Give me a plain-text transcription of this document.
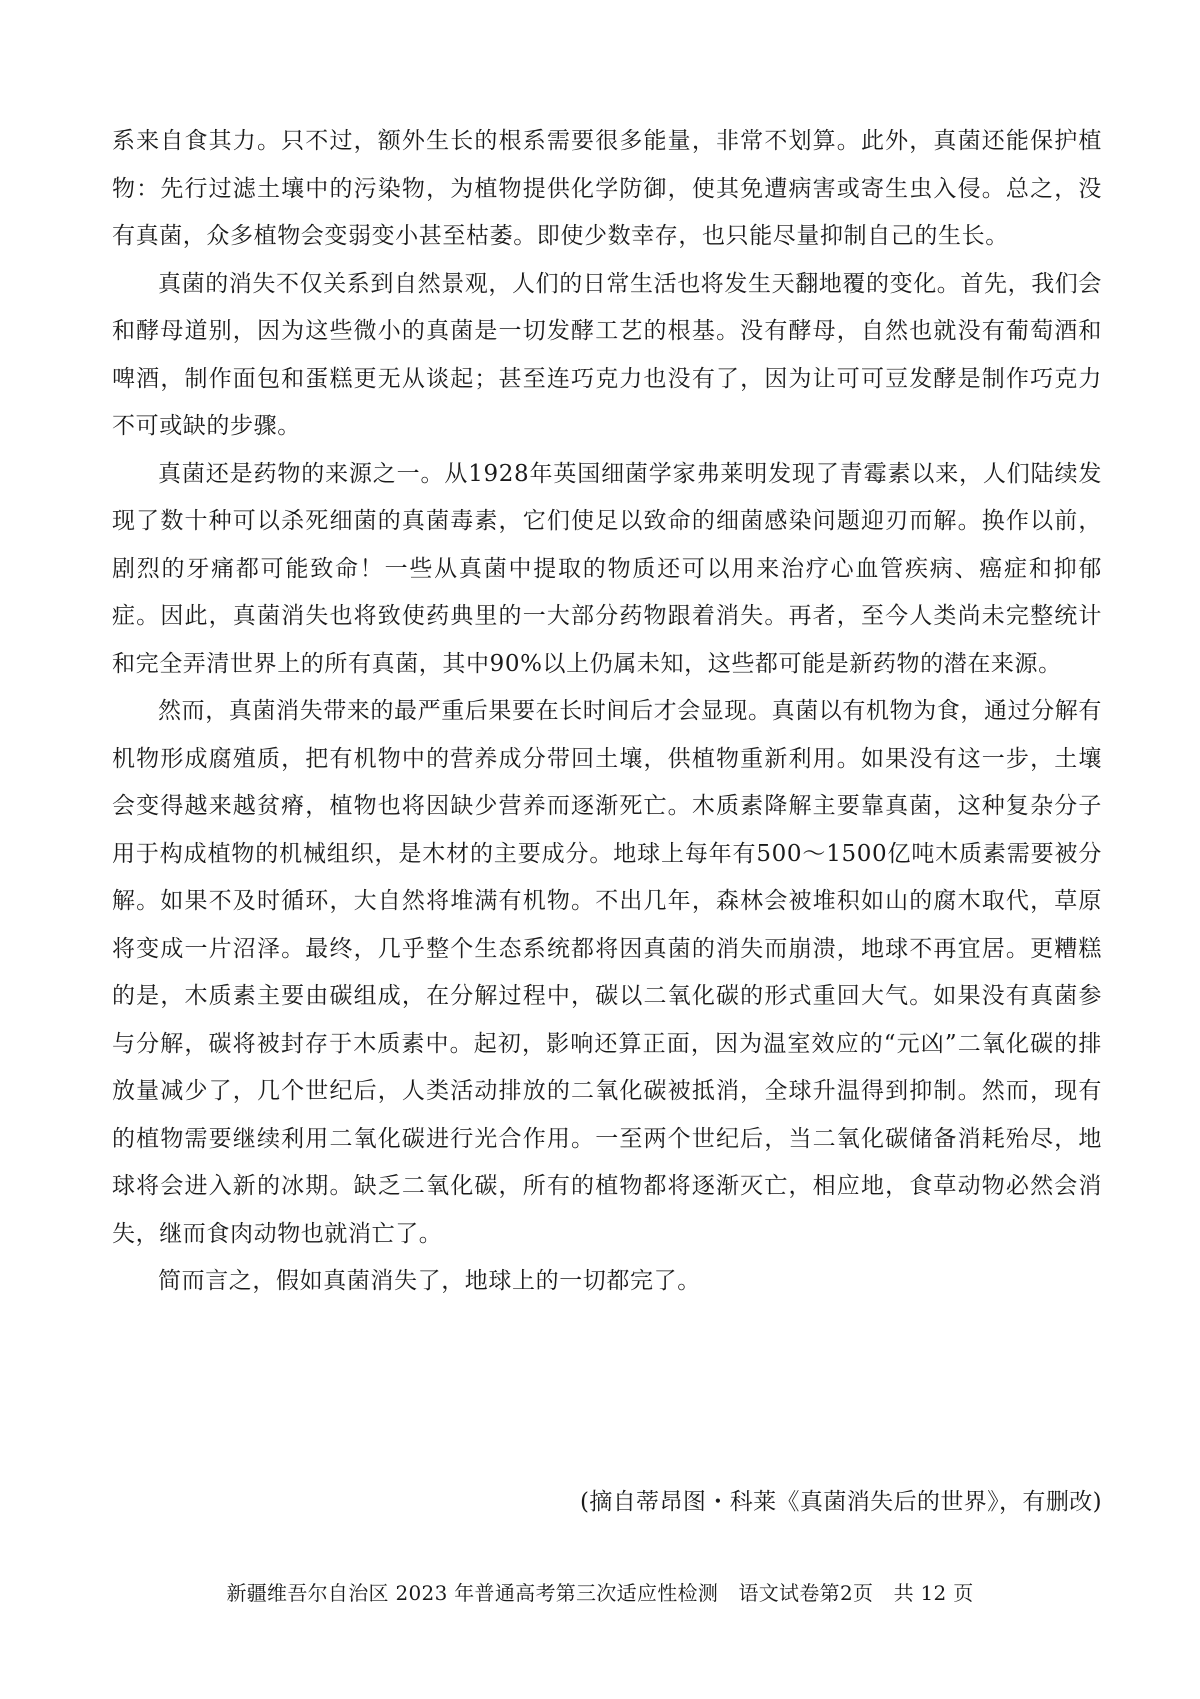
系来自食其力。只不过，额外生长的根系需要很多能量，非常不划算。此外，真菌还能保护植物：先行过滤土壤中的污染物，为植物提供化学防御，使其免遭病害或寄生虫入侵。总之，没有真菌，众多植物会变弱变小甚至枯萎。即使少数幸存，也只能尽量抑制自己的生长。

真菌的消失不仅关系到自然景观，人们的日常生活也将发生天翻地覆的变化。首先，我们会和酵母道别，因为这些微小的真菌是一切发酵工艺的根基。没有酵母，自然也就没有葡萄酒和啤酒，制作面包和蛋糕更无从谈起；甚至连巧克力也没有了，因为让可可豆发酵是制作巧克力不可或缺的步骤。

真菌还是药物的来源之一。从1928年英国细菌学家弗莱明发现了青霉素以来，人们陆续发现了数十种可以杀死细菌的真菌毒素，它们使足以致命的细菌感染问题迎刃而解。换作以前，剧烈的牙痛都可能致命！一些从真菌中提取的物质还可以用来治疗心血管疾病、癌症和抑郁症。因此，真菌消失也将致使药典里的一大部分药物跟着消失。再者，至今人类尚未完整统计和完全弄清世界上的所有真菌，其中90%以上仍属未知，这些都可能是新药物的潜在来源。

然而，真菌消失带来的最严重后果要在长时间后才会显现。真菌以有机物为食，通过分解有机物形成腐殖质，把有机物中的营养成分带回土壤，供植物重新利用。如果没有这一步，土壤会变得越来越贫瘠，植物也将因缺少营养而逐渐死亡。木质素降解主要靠真菌，这种复杂分子用于构成植物的机械组织，是木材的主要成分。地球上每年有500～1500亿吨木质素需要被分解。如果不及时循环，大自然将堆满有机物。不出几年，森林会被堆积如山的腐木取代，草原将变成一片沼泽。最终，几乎整个生态系统都将因真菌的消失而崩溃，地球不再宜居。更糟糕的是，木质素主要由碳组成，在分解过程中，碳以二氧化碳的形式重回大气。如果没有真菌参与分解，碳将被封存于木质素中。起初，影响还算正面，因为温室效应的“元凶”二氧化碳的排放量减少了，几个世纪后，人类活动排放的二氧化碳被抵消，全球升温得到抑制。然而，现有的植物需要继续利用二氧化碳进行光合作用。一至两个世纪后，当二氧化碳储备消耗殆尽，地球将会进入新的冰期。缺乏二氧化碳，所有的植物都将逐渐灭亡，相应地，食草动物必然会消失，继而食肉动物也就消亡了。

简而言之，假如真菌消失了，地球上的一切都完了。

(摘自蒂昂图・科莱《真菌消失后的世界》，有删改)
新疆维吾尔自治区 2023 年普通高考第三次适应性检测　语文试卷第2页　共 12 页
